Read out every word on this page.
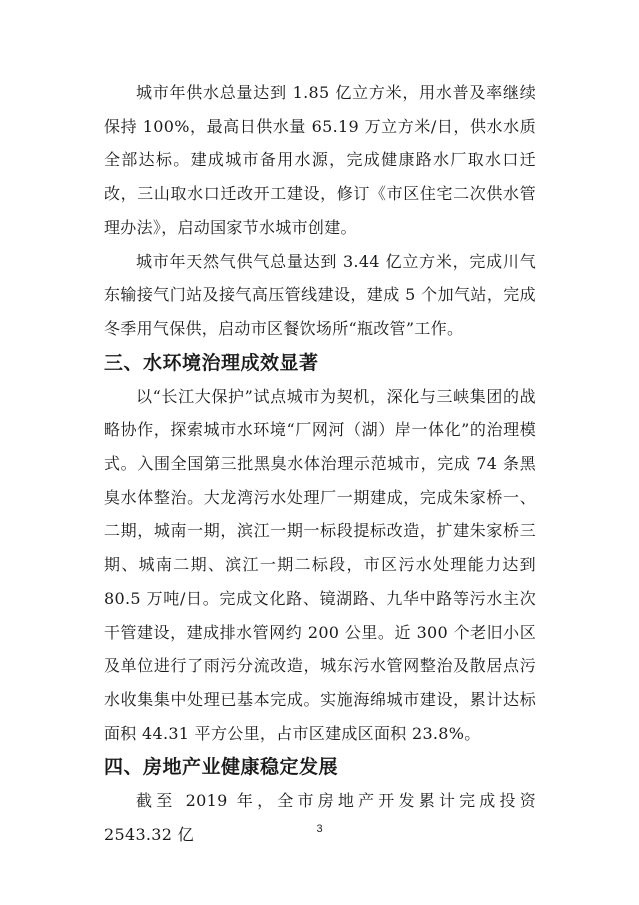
城市年供水总量达到 1.85 亿立方米，用水普及率继续保持 100%，最高日供水量 65.19 万立方米/日，供水水质全部达标。建成城市备用水源，完成健康路水厂取水口迁改，三山取水口迁改开工建设，修订《市区住宅二次供水管理办法》，启动国家节水城市创建。

城市年天然气供气总量达到 3.44 亿立方米，完成川气东输接气门站及接气高压管线建设，建成 5 个加气站，完成冬季用气保供，启动市区餐饮场所“瓶改管”工作。

三、水环境治理成效显著

以“长江大保护”试点城市为契机，深化与三峡集团的战略协作，探索城市水环境“厂网河（湖）岸一体化”的治理模式。入围全国第三批黑臭水体治理示范城市，完成 74 条黑臭水体整治。大龙湾污水处理厂一期建成，完成朱家桥一、二期，城南一期，滨江一期一标段提标改造，扩建朱家桥三期、城南二期、滨江一期二标段，市区污水处理能力达到 80.5 万吨/日。完成文化路、镜湖路、九华中路等污水主次干管建设，建成排水管网约 200 公里。近 300 个老旧小区及单位进行了雨污分流改造，城东污水管网整治及散居点污水收集集中处理已基本完成。实施海绵城市建设，累计达标面积 44.31 平方公里，占市区建成区面积 23.8%。

四、房地产业健康稳定发展

截至 2019 年，全市房地产开发累计完成投资 2543.32 亿	3
